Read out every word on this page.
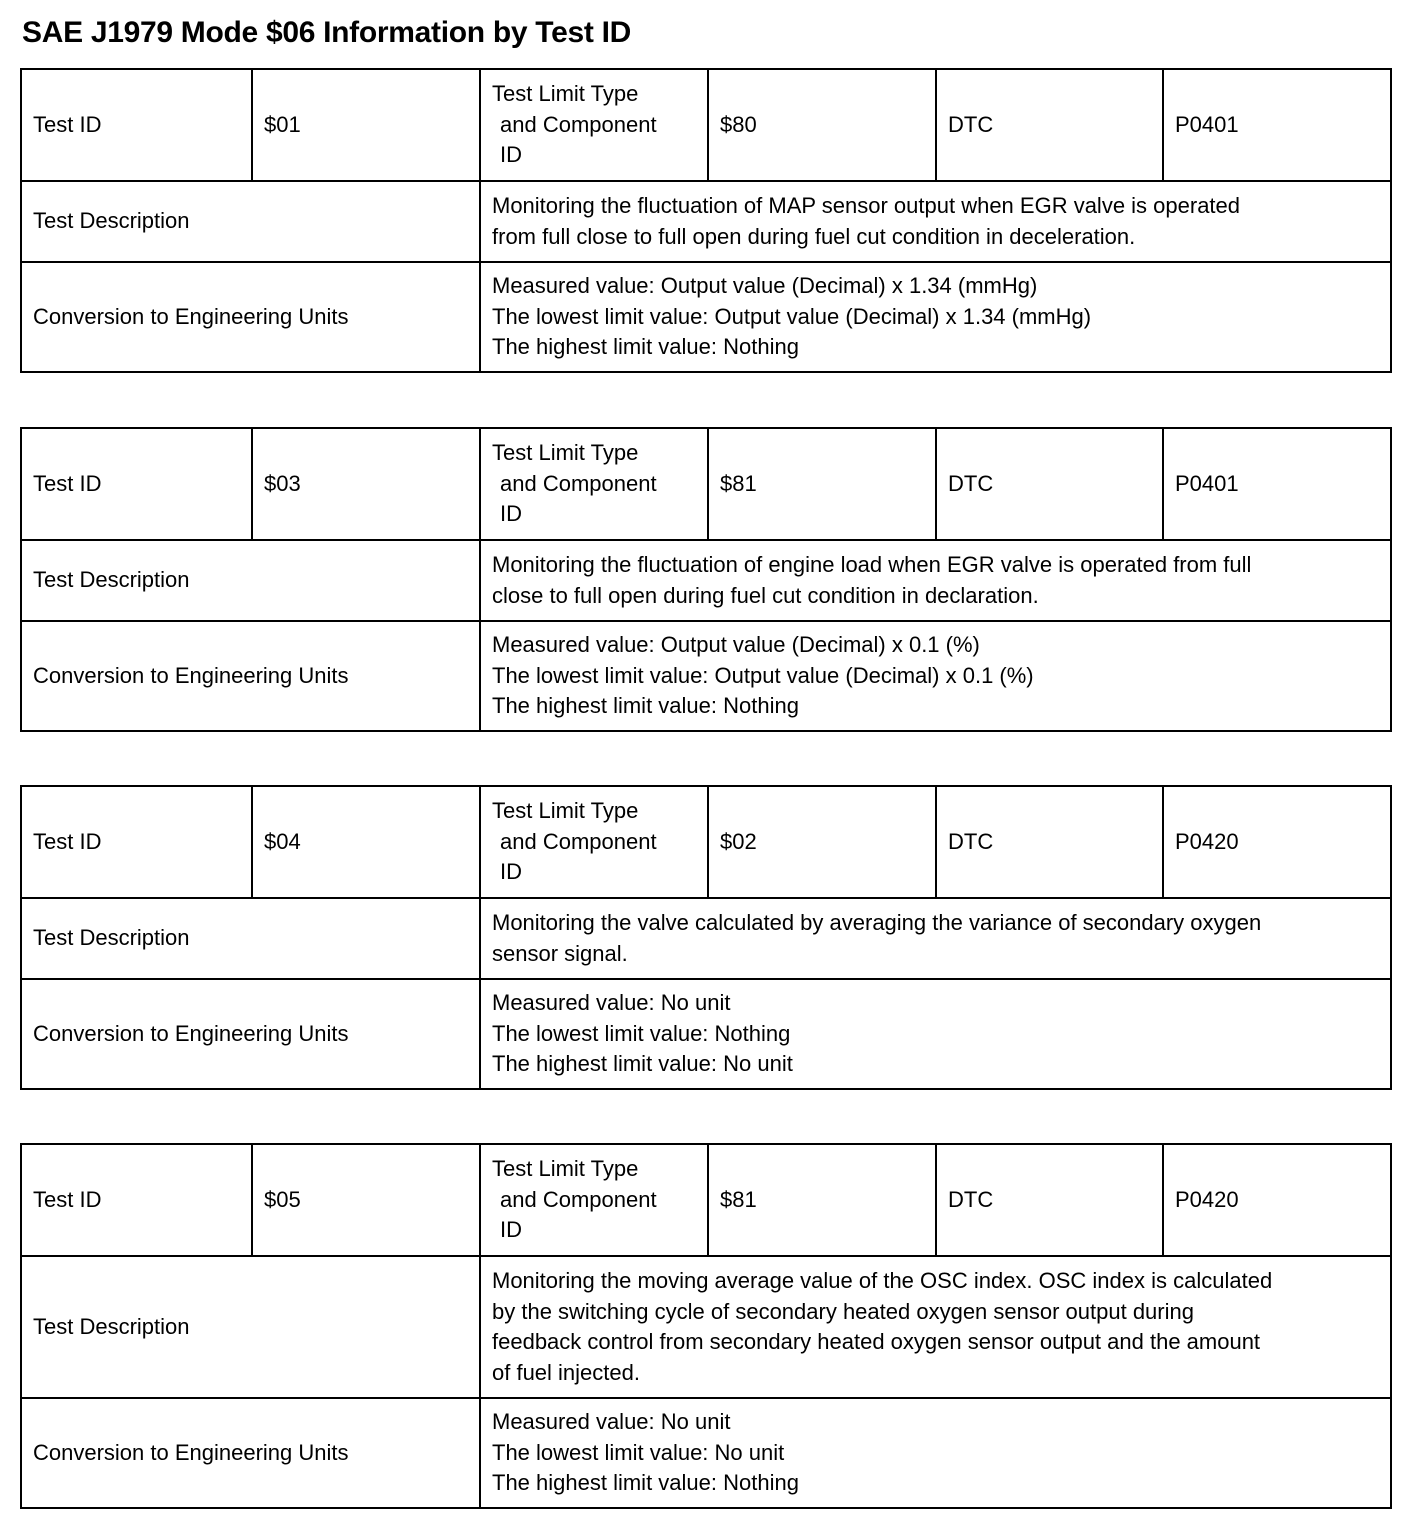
SAE J1979 Mode $06 Information by Test ID
Test ID	$01	Test Limit Type
and Component
ID	$80	DTC	P0401
Test Description		Monitoring the fluctuation of MAP sensor output when EGR valve is operated
from full close to full open during fuel cut condition in deceleration.			

Conversion to Engineering Units		Measured value: Output value (Decimal) x 1.34 (mmHg)
The lowest limit value: Output value (Decimal) x 1.34 (mmHg)
The highest limit value: Nothing			
Test ID	$03	Test Limit Type
and Component
ID	$81	DTC	P0401
Test Description		Monitoring the fluctuation of engine load when EGR valve is operated from full
close to full open during fuel cut condition in declaration.			

Conversion to Engineering Units		Measured value: Output value (Decimal) x 0.1 (%)
The lowest limit value: Output value (Decimal) x 0.1 (%)
The highest limit value: Nothing			
Test ID	$04	Test Limit Type
and Component
ID	$02	DTC	P0420
Test Description		Monitoring the valve calculated by averaging the variance of secondary oxygen
sensor signal.			

Conversion to Engineering Units		Measured value: No unit
The lowest limit value: Nothing
The highest limit value: No unit			
Test ID	$05	Test Limit Type
and Component
ID	$81	DTC	P0420
Test Description		Monitoring the moving average value of the OSC index. OSC index is calculated
by the switching cycle of secondary heated oxygen sensor output during
feedback control from secondary heated oxygen sensor output and the amount
of fuel injected.			

Conversion to Engineering Units		Measured value: No unit
The lowest limit value: No unit
The highest limit value: Nothing			
